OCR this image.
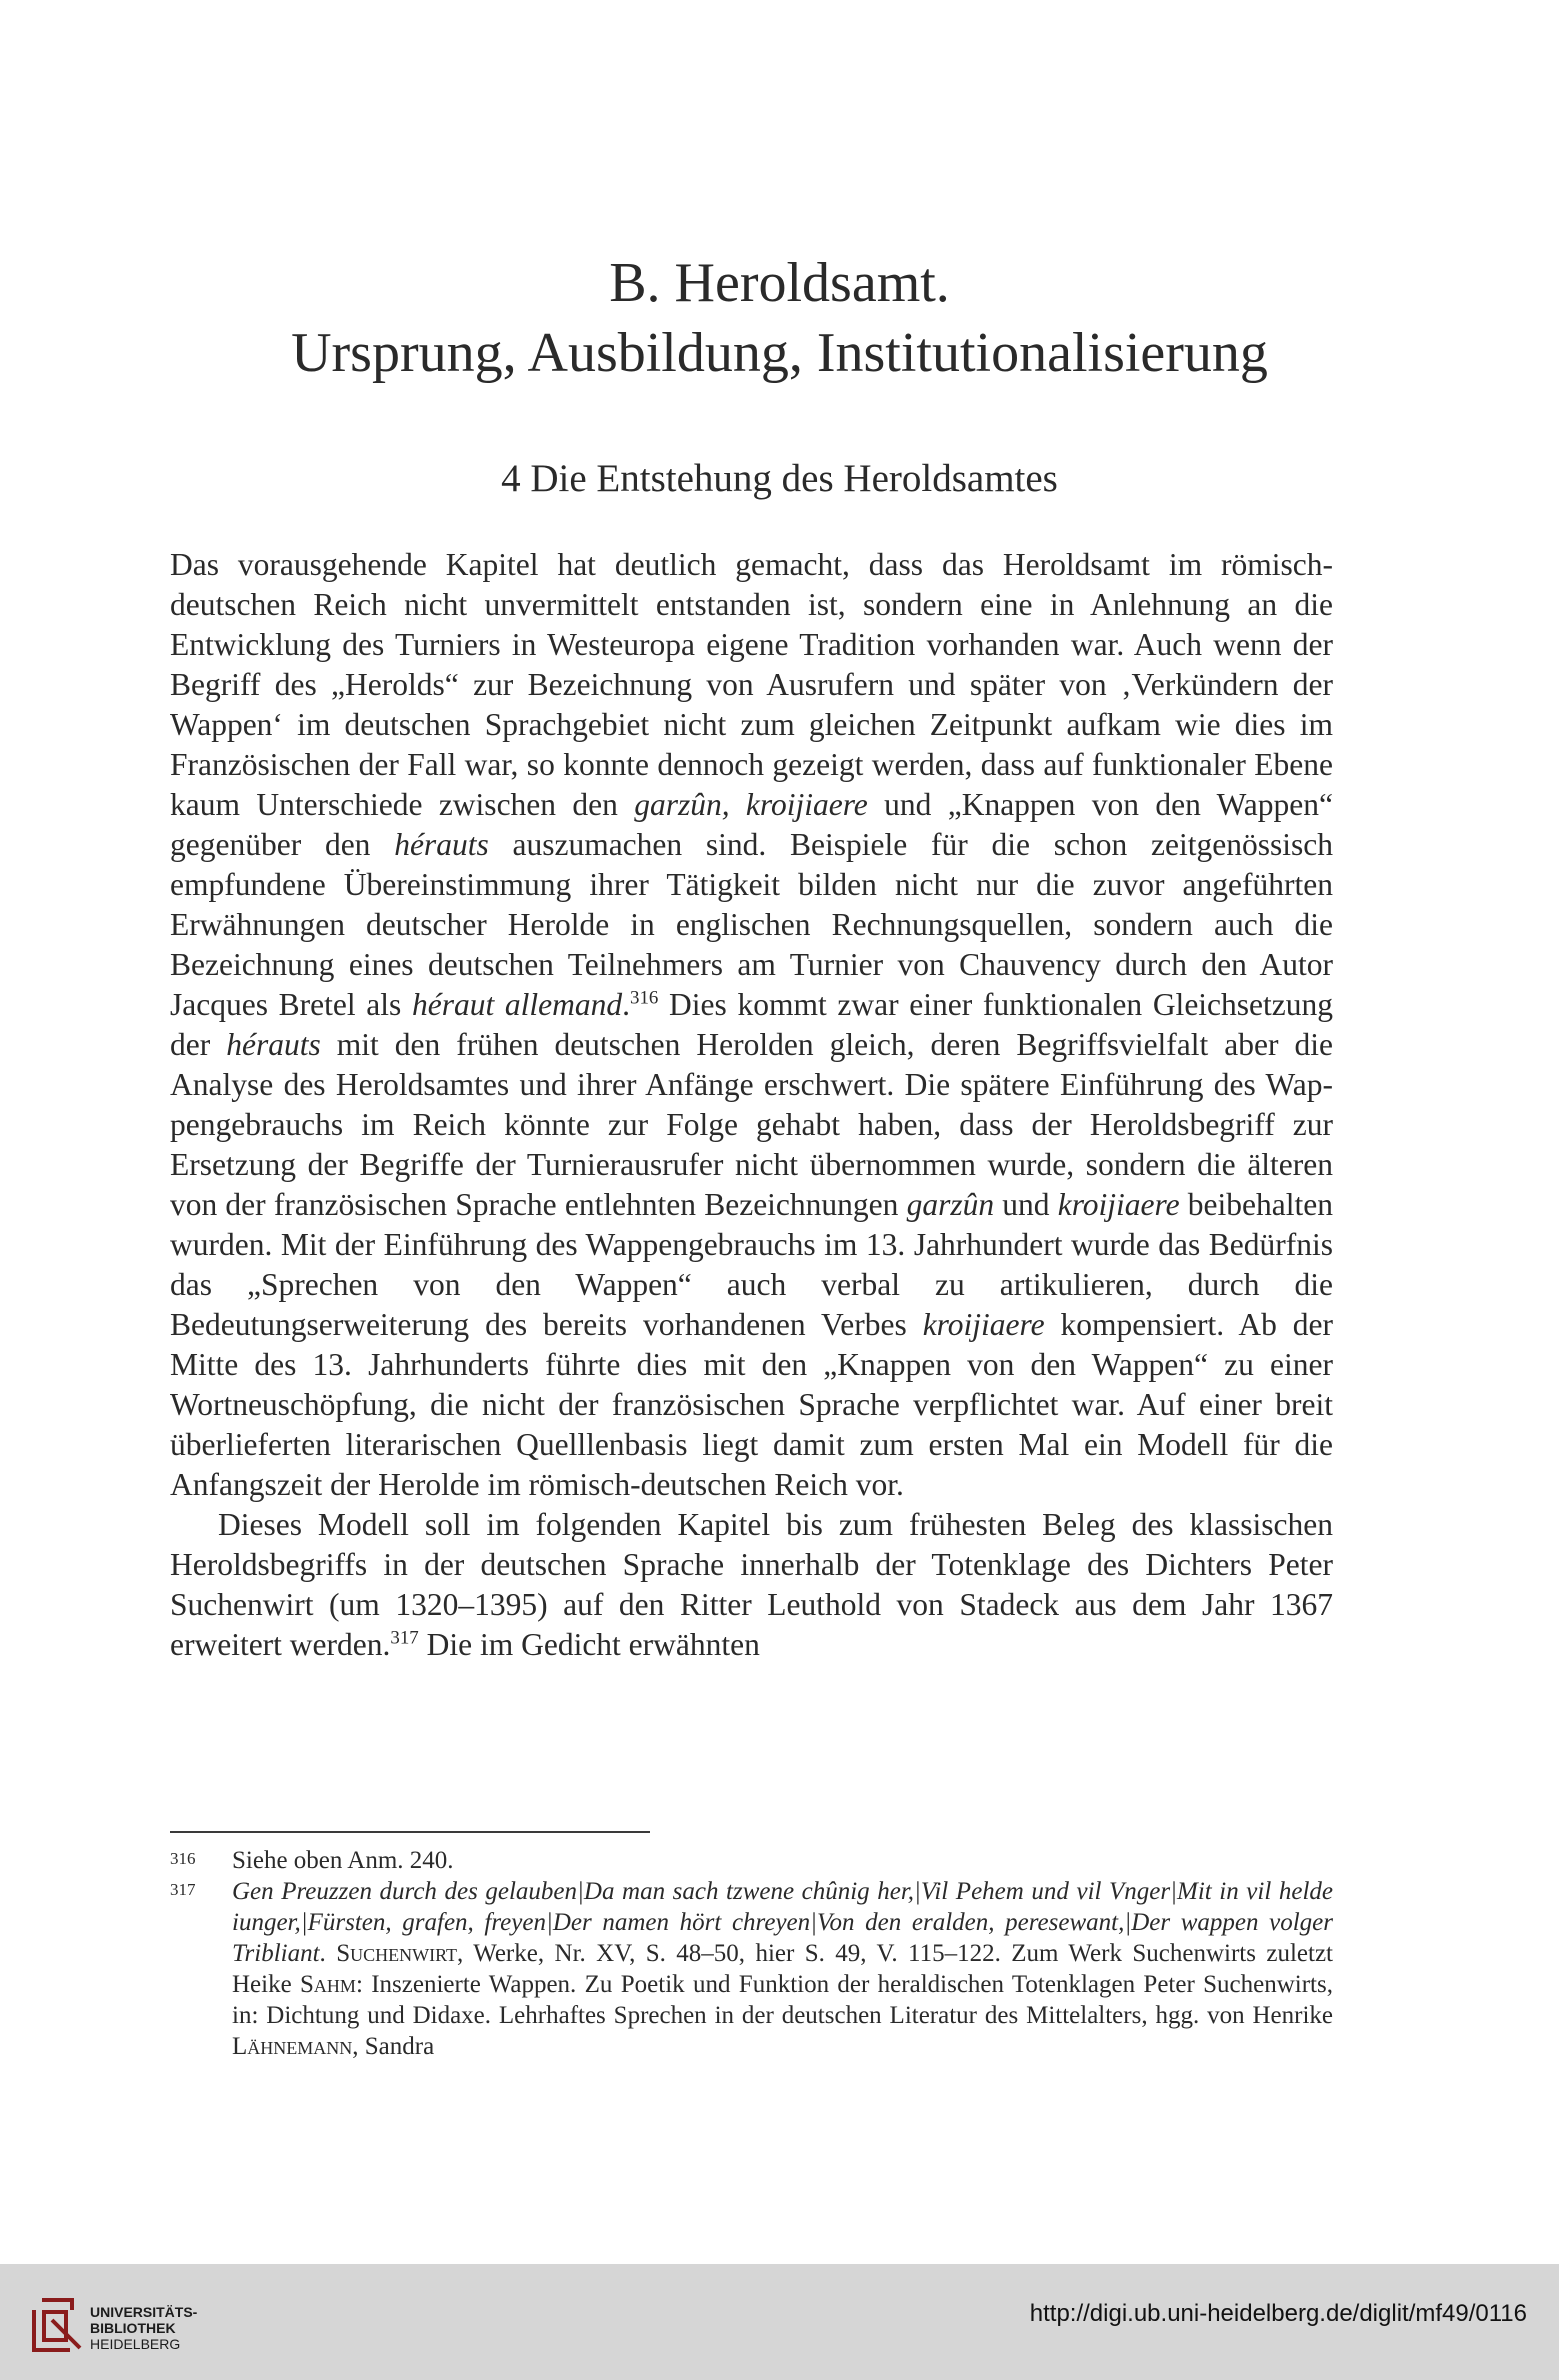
B. Heroldsamt.
Ursprung, Ausbildung, Institutionalisierung
4 Die Entstehung des Heroldsamtes

Das vorausgehende Kapitel hat deutlich gemacht, dass das Heroldsamt im römisch-deutschen Reich nicht unvermittelt entstanden ist, sondern eine in Anlehnung an die Entwicklung des Turniers in Westeuropa eigene Tradition vorhanden war. Auch wenn der Begriff des „Herolds“ zur Bezeichnung von Ausrufern und später von ‚Verkündern der Wappen‘ im deutschen Sprachgebiet nicht zum gleichen Zeitpunkt aufkam wie dies im Französischen der Fall war, so konnte dennoch gezeigt werden, dass auf funktionaler Ebene kaum Unterschiede zwischen den garzûn, kroijiaere und „Knappen von den Wappen“ gegenüber den hérauts auszumachen sind. Beispiele für die schon zeitgenössisch empfundene Übereinstimmung ihrer Tätigkeit bilden nicht nur die zuvor angeführten Erwähnungen deutscher Herolde in englischen Rechnungsquellen, sondern auch die Bezeichnung eines deutschen Teilnehmers am Turnier von Chauvency durch den Autor Jacques Bretel als héraut allemand.$^{316}$ Dies kommt zwar einer funktionalen Gleichsetzung der hérauts mit den frühen deutschen Herolden gleich, deren Begriffsvielfalt aber die Analyse des Heroldsamtes und ihrer Anfänge erschwert. Die spätere Einführung des Wappengebrauchs im Reich könnte zur Folge gehabt haben, dass der Heroldsbegriff zur Ersetzung der Begriffe der Turnierausrufer nicht übernommen wurde, sondern die älteren von der französischen Sprache entlehnten Bezeichnungen garzûn und kroijiaere beibehalten wurden. Mit der Einführung des Wappengebrauchs im 13. Jahrhundert wurde das Bedürfnis das „Sprechen von den Wappen“ auch verbal zu artikulieren, durch die Bedeutungserweiterung des bereits vorhandenen Verbes kroijiaere kompensiert. Ab der Mitte des 13. Jahrhunderts führte dies mit den „Knappen von den Wappen“ zu einer Wortneuschöpfung, die nicht der französischen Sprache verpflichtet war. Auf einer breit überlieferten literarischen Quelllenbasis liegt damit zum ersten Mal ein Modell für die Anfangszeit der Herolde im römisch-deutschen Reich vor.

Dieses Modell soll im folgenden Kapitel bis zum frühesten Beleg des klassischen Heroldsbegriffs in der deutschen Sprache innerhalb der Totenklage des Dichters Peter Suchenwirt (um 1320–1395) auf den Ritter Leuthold von Stadeck aus dem Jahr 1367 erweitert werden.$^{317}$ Die im Gedicht erwähnten

316 Siehe oben Anm. 240.
317 Gen Preuzzen durch des gelauben|Da man sach tzwene chûnig her,|Vil Pehem und vil Vnger|Mit in vil helde iunger,|Fürsten, grafen, freyen|Der namen hört chreyen|Von den eralden, peresewant,|Der wappen volger Tribliant. Suchenwirt, Werke, Nr. XV, S. 48–50, hier S. 49, V. 115–122. Zum Werk Suchenwirts zuletzt Heike Sahm: Inszenierte Wappen. Zu Poetik und Funktion der heraldischen Totenklagen Peter Suchenwirts, in: Dichtung und Didaxe. Lehrhaftes Sprechen in der deutschen Literatur des Mittelalters, hgg. von Henrike Lähnemann, Sandra
UNIVERSITÄTS-
BIBLIOTHEK
HEIDELBERG
http://digi.ub.uni-heidelberg.de/diglit/mf49/0116
